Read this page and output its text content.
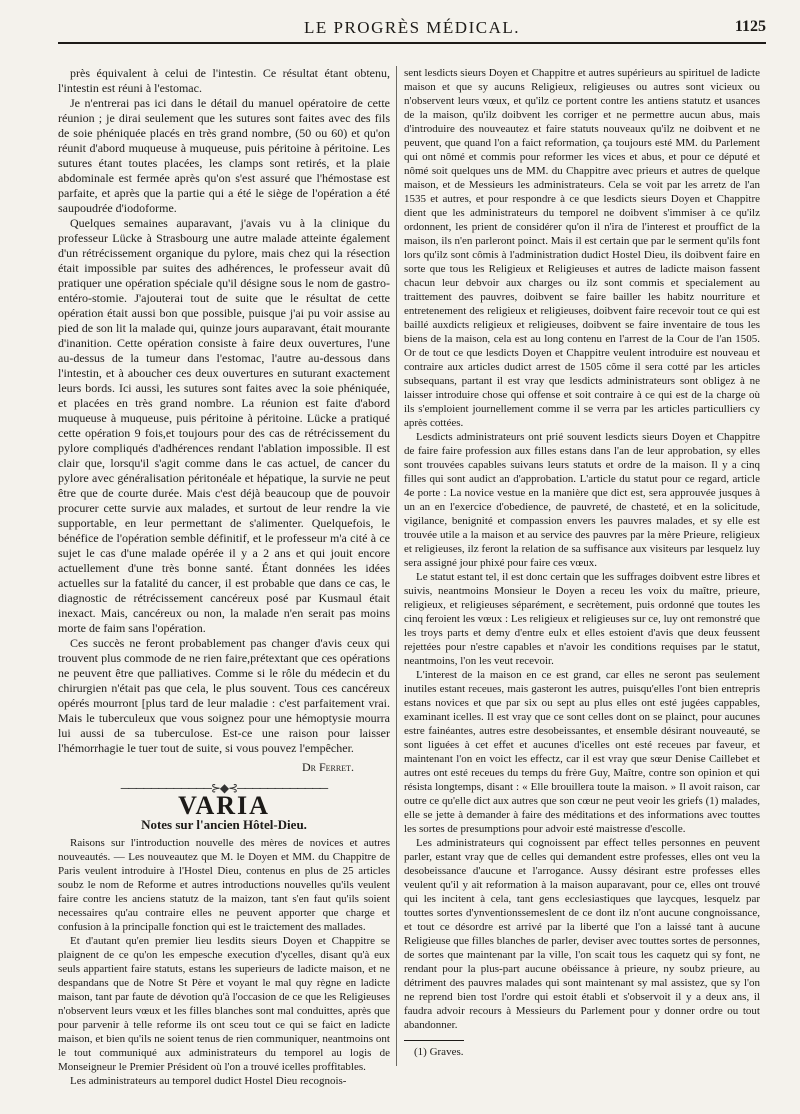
LE PROGRÈS MÉDICAL.	1125

près équivalent à celui de l'intestin. Ce résultat étant obtenu, l'intestin est réuni à l'estomac.

Je n'entrerai pas ici dans le détail du manuel opératoire de cette réunion ; je dirai seulement que les sutures sont faites avec des fils de soie phéniquée placés en très grand nombre, (50 ou 60) et qu'on réunit d'abord muqueuse à muqueuse, puis péritoine à péritoine. Les sutures étant toutes placées, les clamps sont retirés, et la plaie abdominale est fermée après qu'on s'est assuré que l'hémostase est parfaite, et après que la partie qui a été le siège de l'opération a été saupoudrée d'iodoforme.

Quelques semaines auparavant, j'avais vu à la clinique du professeur Lücke à Strasbourg une autre malade atteinte également d'un rétrécissement organique du pylore, mais chez qui la résection était impossible par suites des adhérences, le professeur avait dû pratiquer une opération spéciale qu'il désigne sous le nom de gastro-entéro-stomie. J'ajouterai tout de suite que le résultat de cette opération était aussi bon que possible, puisque j'ai pu voir assise au pied de son lit la malade qui, quinze jours auparavant, était mourante d'inanition. Cette opération consiste à faire deux ouvertures, l'une au-dessus de la tumeur dans l'estomac, l'autre au-dessous dans l'intestin, et à aboucher ces deux ouvertures en suturant exactement leurs bords. Ici aussi, les sutures sont faites avec la soie phéniquée, et placées en très grand nombre. La réunion est faite d'abord muqueuse à muqueuse, puis péritoine à péritoine. Lücke a pratiqué cette opération 9 fois,et toujours pour des cas de rétrécissement du pylore compliqués d'adhérences rendant l'ablation impossible. Il est clair que, lorsqu'il s'agit comme dans le cas actuel, de cancer du pylore avec généralisation péritonéale et hépatique, la survie ne peut être que de courte durée. Mais c'est déjà beaucoup que de pouvoir procurer cette survie aux malades, et surtout de leur rendre la vie supportable, en leur permettant de s'alimenter. Quelquefois, le bénéfice de l'opération semble définitif, et le professeur m'a cité à ce sujet le cas d'une malade opérée il y a 2 ans et qui jouit encore actuellement d'une très bonne santé. Étant données les idées actuelles sur la fatalité du cancer, il est probable que dans ce cas, le diagnostic de rétrécissement cancéreux posé par Kusmaul était inexact. Mais, cancéreux ou non, la malade n'en serait pas moins morte de faim sans l'opération.

Ces succès ne feront probablement pas changer d'avis ceux qui trouvent plus commode de ne rien faire,prétextant que ces opérations ne peuvent être que palliatives. Comme si le rôle du médecin et du chirurgien n'était pas que cela, le plus souvent. Tous ces cancéreux opérés mourront [plus tard de leur maladie : c'est parfaitement vrai. Mais le tuberculeux que vous soignez pour une hémoptysie mourra lui aussi de sa tuberculose. Est-ce une raison pour laisser l'hémorrhagie le tuer tout de suite, si vous pouvez l'empêcher.

Dr Ferret.

────────────⊱◆⊰────────────

VARIA

Notes sur l'ancien Hôtel-Dieu.

Raisons sur l'introduction nouvelle des mères de novices et autres nouveautés. — Les nouveautez que M. le Doyen et MM. du Chappitre de Paris veulent introduire à l'Hostel Dieu, contenus en plus de 25 articles soubz le nom de Reforme et autres introductions nouvelles qu'ils veulent faire contre les anciens statutz de la maizon, tant s'en faut qu'ils soient necessaires qu'au contraire elles ne peuvent apporter que charge et confusion à la principalle fonction qui est le traictement des mallades.

Et d'autant qu'en premier lieu lesdits sieurs Doyen et Chappitre se plaignent de ce qu'on les empesche execution d'ycelles, disant qu'à eux seuls appartient faire statuts, estans les superieurs de ladicte maison, et ne despandans que de Notre St Père et voyant le mal quy règne en ladicte maison, tant par faute de dévotion qu'à l'occasion de ce que les Religieuses n'observent leurs vœux et les filles blanches sont mal conduittes, après que pour parvenir à telle reforme ils ont sceu tout ce qui se faict en ladicte maison, et bien qu'ils ne soient tenus de rien communiquer, neantmoins ont le tout communiqué aux administrateurs du temporel au logis de Monseigneur le Premier Président où l'on a trouvé icelles proffitables.

Les administrateurs au temporel dudict Hostel Dieu recognois-

sent lesdicts sieurs Doyen et Chappitre et autres supérieurs au spirituel de ladicte maison et que sy aucuns Religieux, religieuses ou autres sont vicieux ou n'observent leurs vœux, et qu'ilz ce portent contre les antiens statutz et usances de la maison, qu'ilz doibvent les corriger et ne permettre aucun abus, mais d'introduire des nouveautez et faire statuts nouveaux qu'ilz ne doibvent et ne peuvent, que quand l'on a faict reformation, ça toujours esté MM. du Parlement qui ont nômé et commis pour reformer les vices et abus, et pour ce député et nômé soit quelques uns de MM. du Chappitre avec prieurs et autres de quelque maison, et de Messieurs les administrateurs. Cela se voit par les arretz de l'an 1535 et autres, et pour respondre à ce que lesdicts sieurs Doyen et Chappitre dient que les administrateurs du temporel ne doibvent s'immiser à ce qu'ilz ordonnent, les prient de considérer qu'on il n'ira de l'interest et prouffict de la maison, ils n'en parleront poinct. Mais il est certain que par le serment qu'ils font lors qu'ilz sont cômis à l'administration dudict Hostel Dieu, ils doibvent faire en sorte que tous les Religieux et Religieuses et autres de ladicte maison fassent chacun leur debvoir aux charges ou ilz sont commis et specialement au traittement des pauvres, doibvent se faire bailler les habitz nourriture et entretenement des religieux et religieuses, doibvent faire recevoir tout ce qui est baillé auxdicts religieux et religieuses, doibvent se faire inventaire de tous les biens de la maison, cela est au long contenu en l'arrest de la Cour de l'an 1505. Or de tout ce que lesdicts Doyen et Chappitre veulent introduire est nouveau et contraire aux articles dudict arrest de 1505 cõme il sera cotté par les articles subsequans, partant il est vray que lesdicts administrateurs sont obligez à ne laisser introduire chose qui offense et soit contraire à ce qui est de la charge où ils s'emploient journellement comme il se verra par les articles particulliers cy après cottées.

Lesdicts administrateurs ont prié souvent lesdicts sieurs Doyen et Chappitre de faire faire profession aux filles estans dans l'an de leur approbation, sy elles sont trouvées capables suivans leurs statuts et ordre de la maison. Il y a cinq filles qui sont audict an d'approbation. L'article du statut pour ce regard, article 4e porte : La novice vestue en la manière que dict est, sera approuvée jusques à un an en l'exercice d'obedience, de pauvreté, de chasteté, et en la solicitude, vigilance, benignité et compassion envers les pauvres malades, et sy elle est trouvée utile a la maison et au service des pauvres par la mère Prieure, religieux et religieuses, ilz feront la relation de sa suffisance aux visiteurs par lesquelz luy sera assigné jour phixé pour faire ces vœux.

Le statut estant tel, il est donc certain que les suffrages doibvent estre libres et suivis, neantmoins Monsieur le Doyen a receu les voix du maître, prieure, religieux, et religieuses séparément, e secrètement, puis ordonné que toutes les cinq feroient les vœux : Les religieux et religieuses sur ce, luy ont remonstré que les troys parts et demy d'entre eulx et elles estoient d'avis que deux feussent rejettées pour n'estre capables et n'avoir les conditions requises par le statut, neantmoins, l'on les veut recevoir.

L'interest de la maison en ce est grand, car elles ne seront pas seulement inutiles estant receues, mais gasteront les autres, puisqu'elles l'ont bien entrepris estans novices et que par six ou sept au plus elles ont esté jugées cappables, examinant icelles. Il est vray que ce sont celles dont on se plainct, pour aucunes estre fainéantes, autres estre desobeissantes, et ensemble désirant nouveauté, se sont liguées à cet effet et aucunes d'icelles ont esté receues par faveur, et maintenant l'on en voict les effectz, car il est vray que sœur Denise Caillebet et autres ont esté receues du temps du frère Guy, Maître, contre son opinion et qui résista longtemps, disant : « Elle brouillera toute la maison. » Il avoit raison, car outre ce qu'elle dict aux autres que son cœur ne peut veoir les griefs (1) malades, elle se jette à demander à faire des méditations et des informations avec touttes les sortes de presumptions pour advoir esté maistresse d'escolle.

Les administrateurs qui cognoissent par effect telles personnes en peuvent parler, estant vray que de celles qui demandent estre professes, elles ont veu la desobeissance d'aucune et l'arrogance. Aussy désirant estre professes elles veulent qu'il y ait reformation à la maison auparavant, pour ce, elles ont trouvé qui les incitent à cela, tant gens ecclesiastiques que laycques, lesquelz par touttes sortes d'ynventionssemeslent de ce dont ilz n'ont aucune congnoissance, et tout ce désordre est arrivé par la liberté que l'on a laissé tant à aucune Religieuse que filles blanches de parler, deviser avec touttes sortes de personnes, de sortes que maintenant par la ville, l'on scait tous les caquetz qui sy font, ne rendant pour la plus-part aucune obéissance à prieure, ny soubz prieure, au détriment des pauvres malades qui sont maintenant sy mal assistez, que sy l'on ne reprend bien tost l'ordre qui estoit établi et s'observoit il y a deux ans, il faudra advoir recours à Messieurs du Parlement pour y donner ordre ou tout abandonner.

(1) Graves.
